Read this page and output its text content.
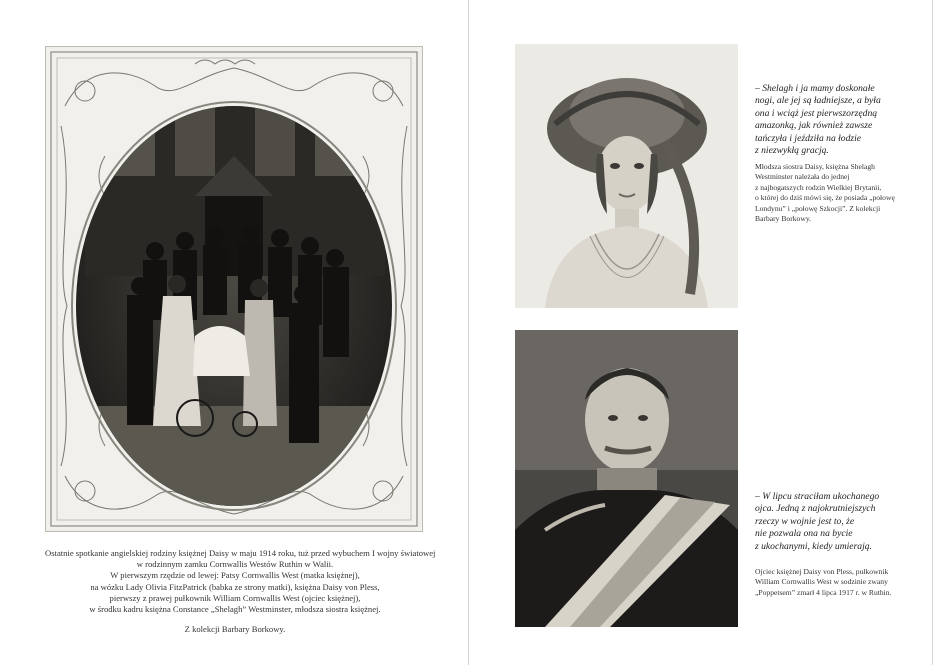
Ostatnie spotkanie angielskiej rodziny księżnej Daisy w maju 1914 roku, tuż przed wybuchem I wojny światowej
w rodzinnym zamku Cornwallis Westów Ruthin w Walii.
W pierwszym rzędzie od lewej: Patsy Cornwallis West (matka księżnej),
na wózku Lady Olivia FitzPatrick (babka ze strony matki), księżna Daisy von Pless,
pierwszy z prawej pułkownik William Cornwallis West (ojciec księżnej),
w środku kadru księżna Constance „Shelagh” Westminster, młodsza siostra księżnej.
Z kolekcji Barbary Borkowy.
– Shelagh i ja mamy doskonałe
nogi, ale jej są ładniejsze, a była
ona i wciąż jest pierwszorzędną
amazonką, jak również zawsze
tańczyła i jeździła na łodzie
z niezwykłą gracją.
Młodsza siostra Daisy, księżna Shelagh
Westminster należała do jednej
z najbogatszych rodzin Wielkiej Brytanii,
o której do dziś mówi się, że posiada „połowę
Londynu” i „połowę Szkocji”. Z kolekcji
Barbary Borkowy.
– W lipcu straciłam ukochanego
ojca. Jedną z najokrutniejszych
rzeczy w wojnie jest to, że
nie pozwala ona na bycie
z ukochanymi, kiedy umierają.
Ojciec księżnej Daisy von Pless, pułkownik
William Cornwallis West w sodzinie zwany
„Poppetsem” zmarł 4 lipca 1917 r. w Ruthin.
